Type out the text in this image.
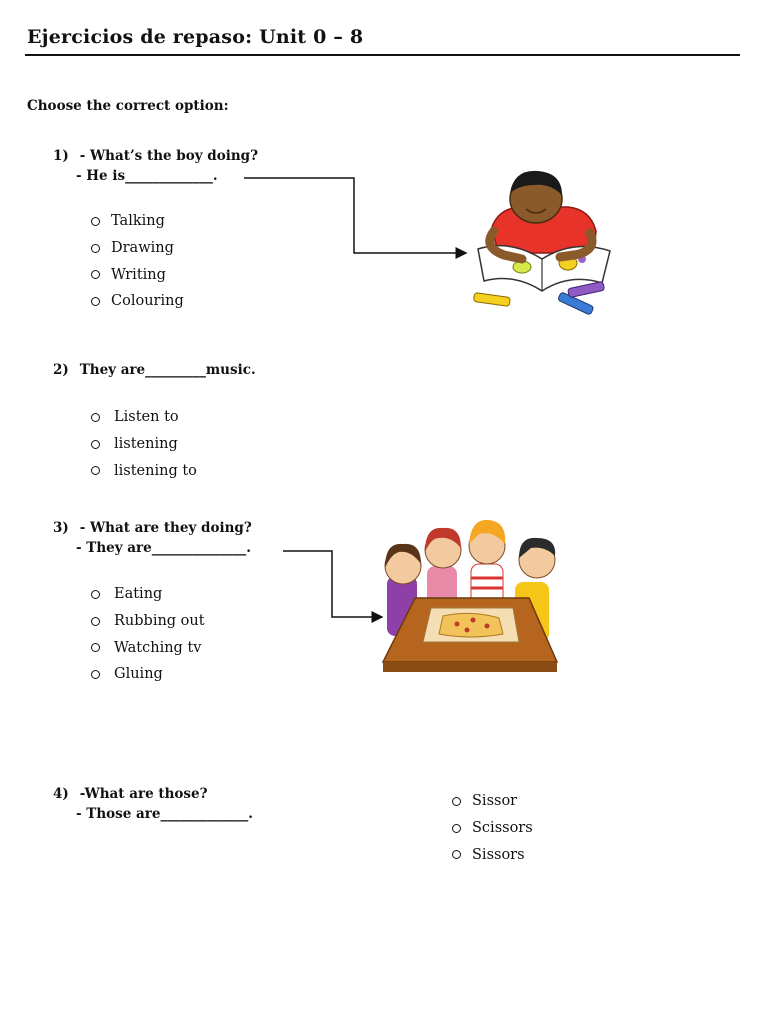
Ejercicios de repaso: Unit 0 – 8
Choose the correct option:
1) - What’s the boy doing?
- He is_____________.
Talking
Drawing
Writing
Colouring
2) They are_________music.
Listen to
listening
listening to
3) - What are they doing?
- They are______________.
Eating
Rubbing out
Watching tv
Gluing
4) -What are those?
- Those are_____________.
Sissor
Scissors
Sissors
